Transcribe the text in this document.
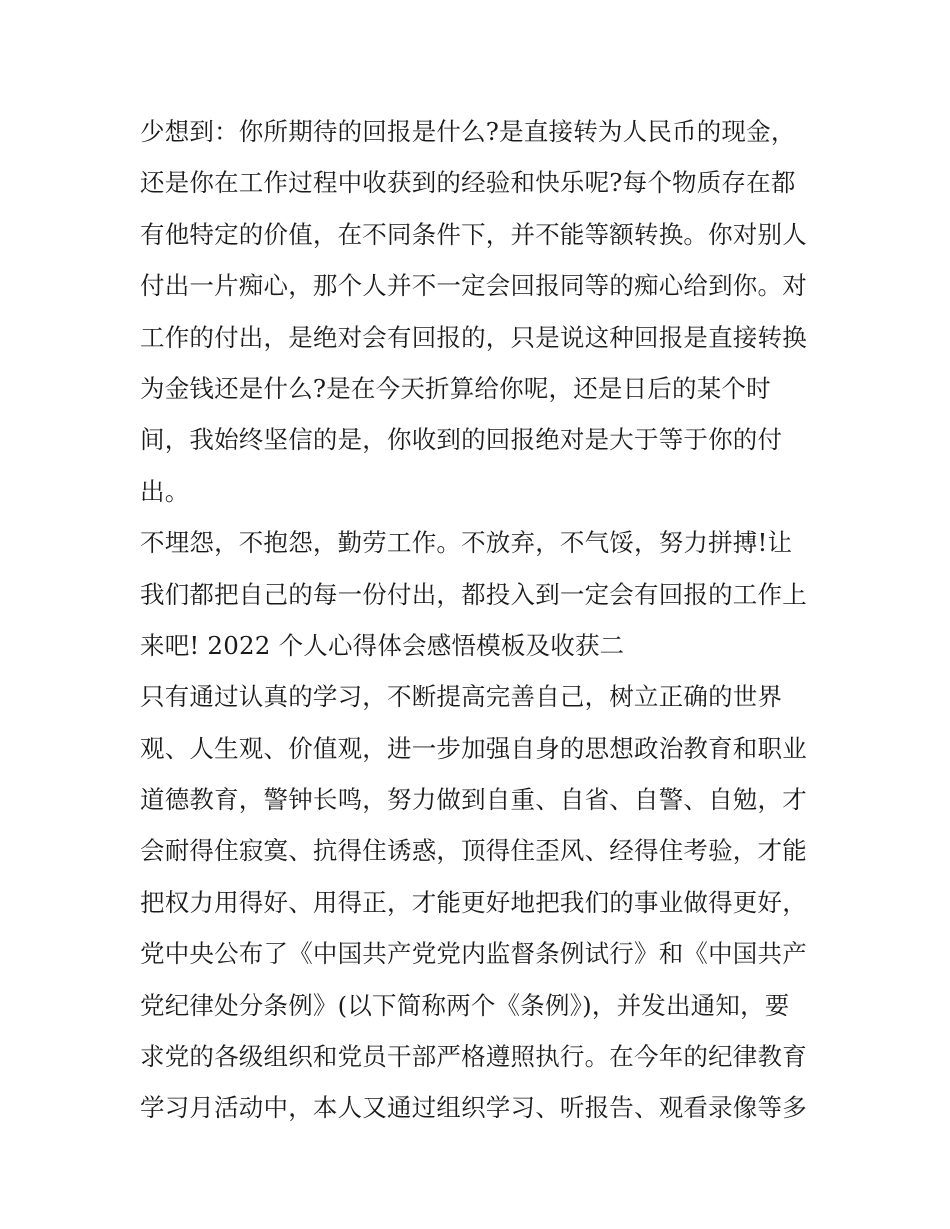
少想到：你所期待的回报是什么?是直接转为人民币的现金，
还是你在工作过程中收获到的经验和快乐呢?每个物质存在都
有他特定的价值，在不同条件下，并不能等额转换。你对别人
付出一片痴心，那个人并不一定会回报同等的痴心给到你。对
工作的付出，是绝对会有回报的，只是说这种回报是直接转换
为金钱还是什么?是在今天折算给你呢，还是日后的某个时
间，我始终坚信的是，你收到的回报绝对是大于等于你的付
出。
不埋怨，不抱怨，勤劳工作。不放弃，不气馁，努力拼搏!让
我们都把自己的每一份付出，都投入到一定会有回报的工作上
来吧! 2022 个人心得体会感悟模板及收获二
只有通过认真的学习，不断提高完善自己，树立正确的世界
观、人生观、价值观，进一步加强自身的思想政治教育和职业
道德教育，警钟长鸣，努力做到自重、自省、自警、自勉，才
会耐得住寂寞、抗得住诱惑，顶得住歪风、经得住考验，才能
把权力用得好、用得正，才能更好地把我们的事业做得更好，
党中央公布了《中国共产党党内监督条例试行》和《中国共产
党纪律处分条例》(以下简称两个《条例》)，并发出通知，要
求党的各级组织和党员干部严格遵照执行。在今年的纪律教育
学习月活动中，本人又通过组织学习、听报告、观看录像等多
